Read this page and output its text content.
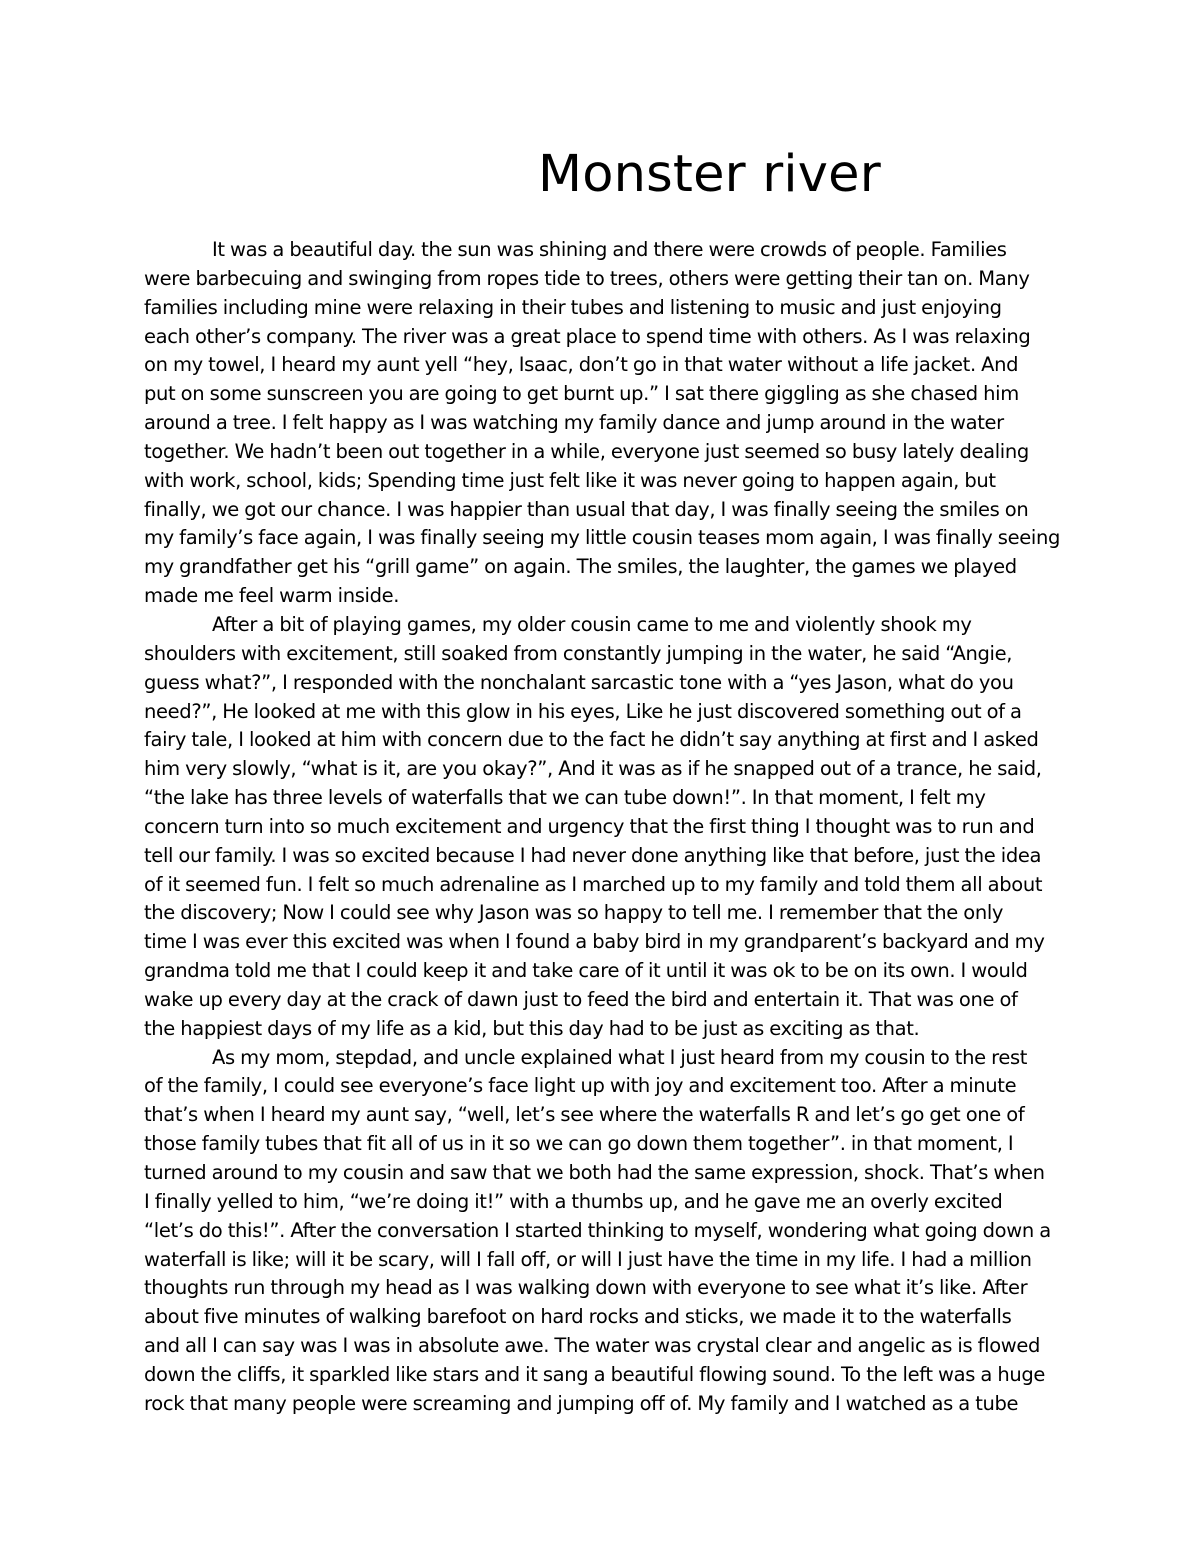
Monster river
It was a beautiful day. the sun was shining and there were crowds of people. Families
were barbecuing and swinging from ropes tide to trees, others were getting their tan on. Many
families including mine were relaxing in their tubes and listening to music and just enjoying
each other’s company. The river was a great place to spend time with others. As I was relaxing
on my towel, I heard my aunt yell “hey, Isaac, don’t go in that water without a life jacket. And
put on some sunscreen you are going to get burnt up.” I sat there giggling as she chased him
around a tree. I felt happy as I was watching my family dance and jump around in the water
together. We hadn’t been out together in a while, everyone just seemed so busy lately dealing
with work, school, kids; Spending time just felt like it was never going to happen again, but
finally, we got our chance. I was happier than usual that day, I was finally seeing the smiles on
my family’s face again, I was finally seeing my little cousin teases mom again, I was finally seeing
my grandfather get his “grill game” on again. The smiles, the laughter, the games we played
made me feel warm inside.
After a bit of playing games, my older cousin came to me and violently shook my
shoulders with excitement, still soaked from constantly jumping in the water, he said “Angie,
guess what?”, I responded with the nonchalant sarcastic tone with a “yes Jason, what do you
need?”, He looked at me with this glow in his eyes, Like he just discovered something out of a
fairy tale, I looked at him with concern due to the fact he didn’t say anything at first and I asked
him very slowly, “what is it, are you okay?”, And it was as if he snapped out of a trance, he said,
“the lake has three levels of waterfalls that we can tube down!”. In that moment, I felt my
concern turn into so much excitement and urgency that the first thing I thought was to run and
tell our family. I was so excited because I had never done anything like that before, just the idea
of it seemed fun. I felt so much adrenaline as I marched up to my family and told them all about
the discovery; Now I could see why Jason was so happy to tell me. I remember that the only
time I was ever this excited was when I found a baby bird in my grandparent’s backyard and my
grandma told me that I could keep it and take care of it until it was ok to be on its own. I would
wake up every day at the crack of dawn just to feed the bird and entertain it. That was one of
the happiest days of my life as a kid, but this day had to be just as exciting as that.
As my mom, stepdad, and uncle explained what I just heard from my cousin to the rest
of the family, I could see everyone’s face light up with joy and excitement too. After a minute
that’s when I heard my aunt say, “well, let’s see where the waterfalls R and let’s go get one of
those family tubes that fit all of us in it so we can go down them together”. in that moment, I
turned around to my cousin and saw that we both had the same expression, shock. That’s when
I finally yelled to him, “we’re doing it!” with a thumbs up, and he gave me an overly excited
“let’s do this!”. After the conversation I started thinking to myself, wondering what going down a
waterfall is like; will it be scary, will I fall off, or will I just have the time in my life. I had a million
thoughts run through my head as I was walking down with everyone to see what it’s like. After
about five minutes of walking barefoot on hard rocks and sticks, we made it to the waterfalls
and all I can say was I was in absolute awe. The water was crystal clear and angelic as is flowed
down the cliffs, it sparkled like stars and it sang a beautiful flowing sound. To the left was a huge
rock that many people were screaming and jumping off of. My family and I watched as a tube
